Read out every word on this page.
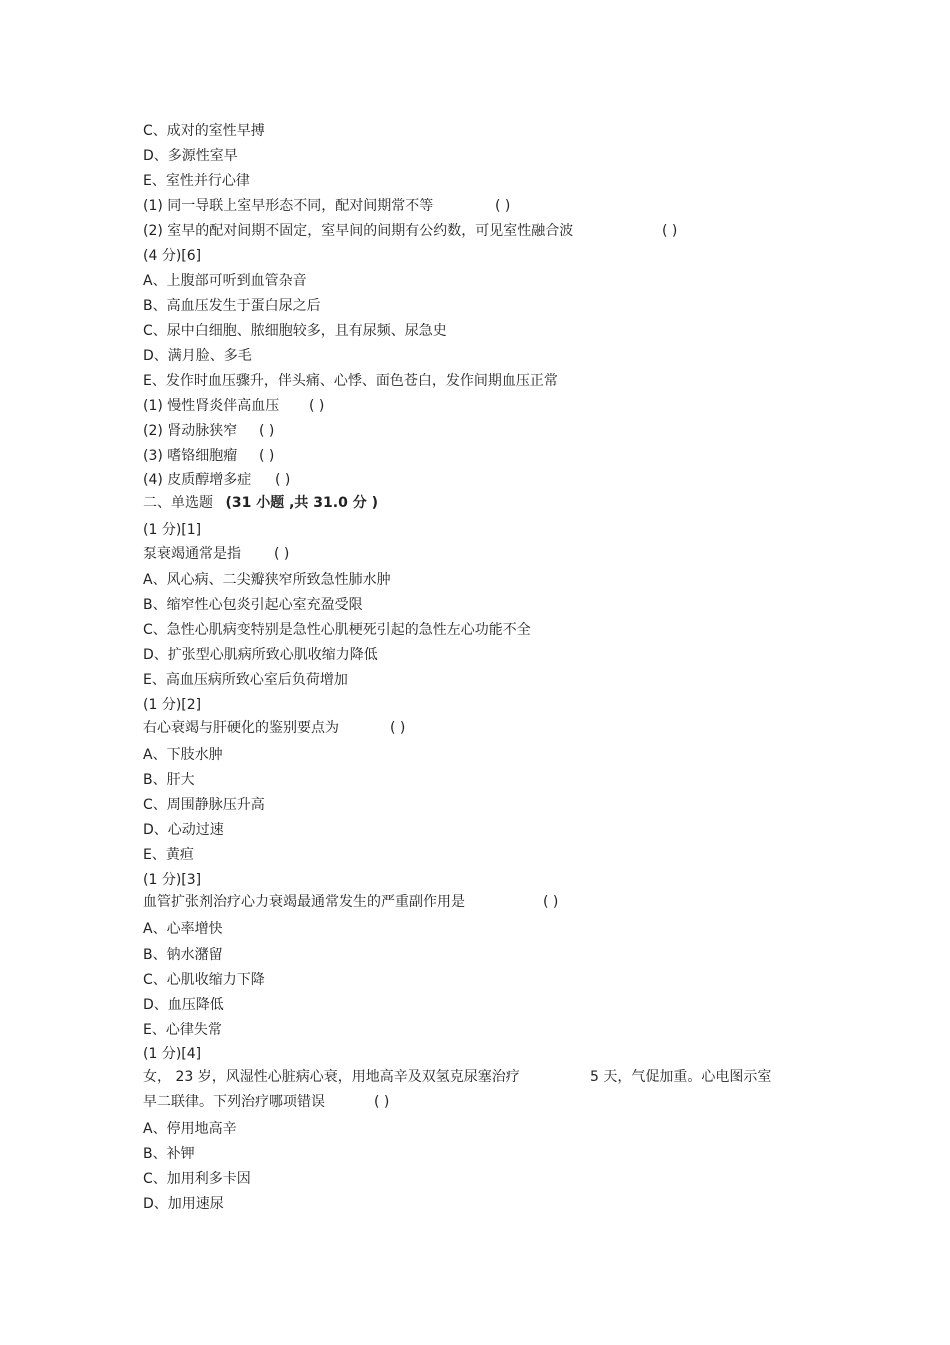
C、成对的室性早搏
D、多源性室早
E、室性并行心律
(1) 同一导联上室早形态不同，配对间期常不等	( )
(2) 室早的配对间期不固定，室早间的间期有公约数，可见室性融合波	( )
(4 分)[6]
A、上腹部可听到血管杂音
B、高血压发生于蛋白尿之后
C、尿中白细胞、脓细胞较多，且有尿频、尿急史
D、满月脸、多毛
E、发作时血压骤升，伴头痛、心悸、面色苍白，发作间期血压正常
(1) 慢性肾炎伴高血压 ( )
(2) 肾动脉狭窄 ( )
(3) 嗜铬细胞瘤 ( )
(4) 皮质醇增多症 ( )
二、单选题 (31 小题 ,共 31.0 分 )
(1 分)[1]
泵衰竭通常是指 ( )
A、风心病、二尖瓣狭窄所致急性肺水肿
B、缩窄性心包炎引起心室充盈受限
C、急性心肌病变特别是急性心肌梗死引起的急性左心功能不全
D、扩张型心肌病所致心肌收缩力降低
E、高血压病所致心室后负荷增加
(1 分)[2]
右心衰竭与肝硬化的鉴别要点为	( )
A、下肢水肿
B、肝大
C、周围静脉压升高
D、心动过速
E、黄疸
(1 分)[3]
血管扩张剂治疗心力衰竭最通常发生的严重副作用是	( )
A、心率增快
B、钠水潴留
C、心肌收缩力下降
D、血压降低
E、心律失常
(1 分)[4]
女， 23 岁，风湿性心脏病心衰，用地高辛及双氢克尿塞治疗	5 天，气促加重。心电图示室
早二联律。下列治疗哪项错误	( )
A、停用地高辛
B、补钾
C、加用利多卡因
D、加用速尿
